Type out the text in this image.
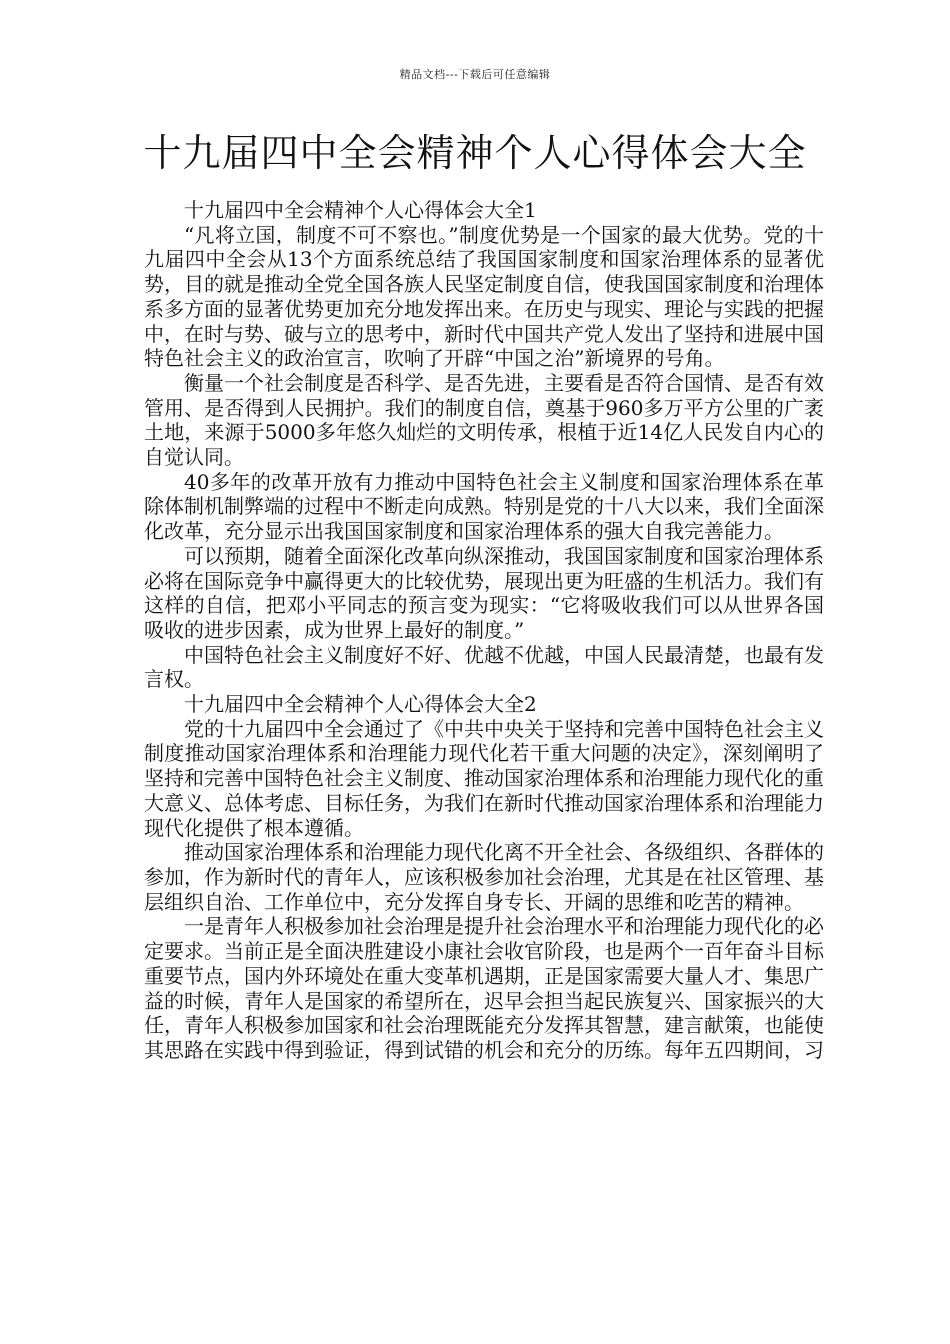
精品文档---下载后可任意编辑
十九届四中全会精神个人心得体会大全

十九届四中全会精神个人心得体会大全1

“凡将立国，制度不可不察也。”制度优势是一个国家的最大优势。党的十九届四中全会从13个方面系统总结了我国国家制度和国家治理体系的显著优势，目的就是推动全党全国各族人民坚定制度自信，使我国国家制度和治理体系多方面的显著优势更加充分地发挥出来。在历史与现实、理论与实践的把握中，在时与势、破与立的思考中，新时代中国共产党人发出了坚持和进展中国特色社会主义的政治宣言，吹响了开辟“中国之治”新境界的号角。

衡量一个社会制度是否科学、是否先进，主要看是否符合国情、是否有效管用、是否得到人民拥护。我们的制度自信，奠基于960多万平方公里的广袤土地，来源于5000多年悠久灿烂的文明传承，根植于近14亿人民发自内心的自觉认同。

40多年的改革开放有力推动中国特色社会主义制度和国家治理体系在革除体制机制弊端的过程中不断走向成熟。特别是党的十八大以来，我们全面深化改革，充分显示出我国国家制度和国家治理体系的强大自我完善能力。

可以预期，随着全面深化改革向纵深推动，我国国家制度和国家治理体系必将在国际竞争中赢得更大的比较优势，展现出更为旺盛的生机活力。我们有这样的自信，把邓小平同志的预言变为现实：“它将吸收我们可以从世界各国吸收的进步因素，成为世界上最好的制度。”

中国特色社会主义制度好不好、优越不优越，中国人民最清楚，也最有发言权。

十九届四中全会精神个人心得体会大全2

党的十九届四中全会通过了《中共中央关于坚持和完善中国特色社会主义制度推动国家治理体系和治理能力现代化若干重大问题的决定》，深刻阐明了坚持和完善中国特色社会主义制度、推动国家治理体系和治理能力现代化的重大意义、总体考虑、目标任务，为我们在新时代推动国家治理体系和治理能力现代化提供了根本遵循。

推动国家治理体系和治理能力现代化离不开全社会、各级组织、各群体的参加，作为新时代的青年人，应该积极参加社会治理，尤其是在社区管理、基层组织自治、工作单位中，充分发挥自身专长、开阔的思维和吃苦的精神。

一是青年人积极参加社会治理是提升社会治理水平和治理能力现代化的必定要求。当前正是全面决胜建设小康社会收官阶段，也是两个一百年奋斗目标重要节点，国内外环境处在重大变革机遇期，正是国家需要大量人才、集思广益的时候，青年人是国家的希望所在，迟早会担当起民族复兴、国家振兴的大任，青年人积极参加国家和社会治理既能充分发挥其智慧，建言献策，也能使其思路在实践中得到验证，得到试错的机会和充分的历练。每年五四期间，习
